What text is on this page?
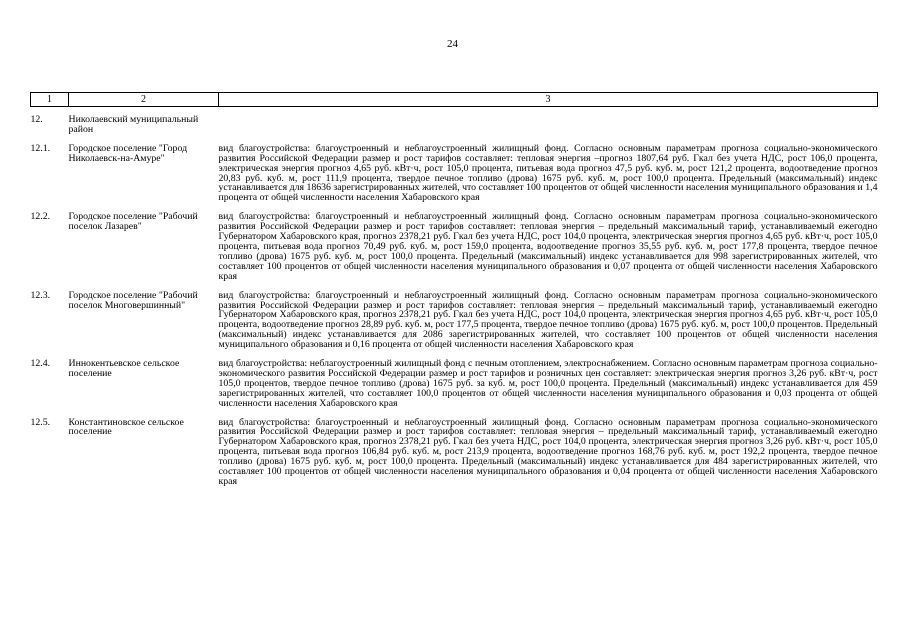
24
1	2	3
12.	Николаевский муниципальный район	
12.1.	Городское поселение "Город Николаевск-на-Амуре"	вид благоустройства: благоустроенный и неблагоустроенный жилищный фонд. Согласно основным параметрам прогноза социально-экономического развития Российской Федерации размер и рост тарифов составляет: тепловая энергия –прогноз 1807,64 руб. Гкал без учета НДС, рост 106,0 процента, электрическая энергия прогноз 4,65 руб. кВт·ч, рост 105,0 процента, питьевая вода прогноз 47,5 руб. куб. м, рост 121,2 процента, водоотведение прогноз 20,83 руб. куб. м, рост 111,9 процента, твердое печное топливо (дрова) 1675 руб. куб. м, рост 100,0 процента. Предельный (максимальный) индекс устанавливается для 18636 зарегистрированных жителей, что составляет 100 процентов от общей численности населения муниципального образования и 1,4 процента от общей численности населения Хабаровского края
12.2.	Городское поселение "Рабочий поселок Лазарев"	вид благоустройства: благоустроенный и неблагоустроенный жилищный фонд. Согласно основным параметрам прогноза социально-экономического развития Российской Федерации размер и рост тарифов составляет: тепловая энергия – предельный максимальный тариф, устанавливаемый ежегодно Губернатором Хабаровского края, прогноз 2378,21 руб. Гкал без учета НДС, рост 104,0 процента, электрическая энергия прогноз 4,65 руб. кВт·ч, рост 105,0 процента, питьевая вода прогноз 70,49 руб. куб. м, рост 159,0 процента, водоотведение прогноз 35,55 руб. куб. м, рост 177,8 процента, твердое печное топливо (дрова) 1675 руб. куб. м, рост 100,0 процента. Предельный (максимальный) индекс устанавливается для 998 зарегистрированных жителей, что составляет 100 процентов от общей численности населения муниципального образования и 0,07 процента от общей численности населения Хабаровского края
12.3.	Городское поселение "Рабочий поселок Многовершинный"	вид благоустройства: благоустроенный и неблагоустроенный жилищный фонд. Согласно основным параметрам прогноза социально-экономического развития Российской Федерации размер и рост тарифов составляет: тепловая энергия – предельный максимальный тариф, устанавливаемый ежегодно Губернатором Хабаровского края, прогноз 2378,21 руб. Гкал без учета НДС, рост 104,0 процента, электрическая энергия прогноз 4,65 руб. кВт·ч, рост 105,0 процента, водоотведение прогноз 28,89 руб. куб. м, рост 177,5 процента, твердое печное топливо (дрова) 1675 руб. куб. м, рост 100,0 процентов. Предельный (максимальный) индекс устанавливается для 2086 зарегистрированных жителей, что составляет 100 процентов от общей численности населения муниципального образования и 0,16 процента от общей численности населения Хабаровского края
12.4.	Иннокентьевское сельское поселение	вид благоустройства: неблагоустроенный жилищный фонд с печным отоплением, электроснабжением. Согласно основным параметрам прогноза социально-экономического развития Российской Федерации размер и рост тарифов и розничных цен составляет: электрическая энергия прогноз 3,26 руб. кВт·ч, рост 105,0 процентов, твердое печное топливо (дрова) 1675 руб. за куб. м, рост 100,0 процента. Предельный (максимальный) индекс устанавливается для 459 зарегистрированных жителей, что составляет 100,0 процентов от общей численности населения муниципального образования и 0,03 процента от общей численности населения Хабаровского края
12.5.	Константиновское сельское поселение	вид благоустройства: благоустроенный и неблагоустроенный жилищный фонд. Согласно основным параметрам прогноза социально-экономического развития Российской Федерации размер и рост тарифов составляет: тепловая энергия – предельный максимальный тариф, устанавливаемый ежегодно Губернатором Хабаровского края, прогноз 2378,21 руб. Гкал без учета НДС, рост 104,0 процента, электрическая энергия прогноз 3,26 руб. кВт·ч, рост 105,0 процента, питьевая вода прогноз 106,84 руб. куб. м, рост 213,9 процента, водоотведение прогноз 168,76 руб. куб. м, рост 192,2 процента, твердое печное топливо (дрова) 1675 руб. куб. м, рост 100,0 процента. Предельный (максимальный) индекс устанавливается для 484 зарегистрированных жителей, что составляет 100 процентов от общей численности населения муниципального образования и 0,04 процента от общей численности населения Хабаровского края
